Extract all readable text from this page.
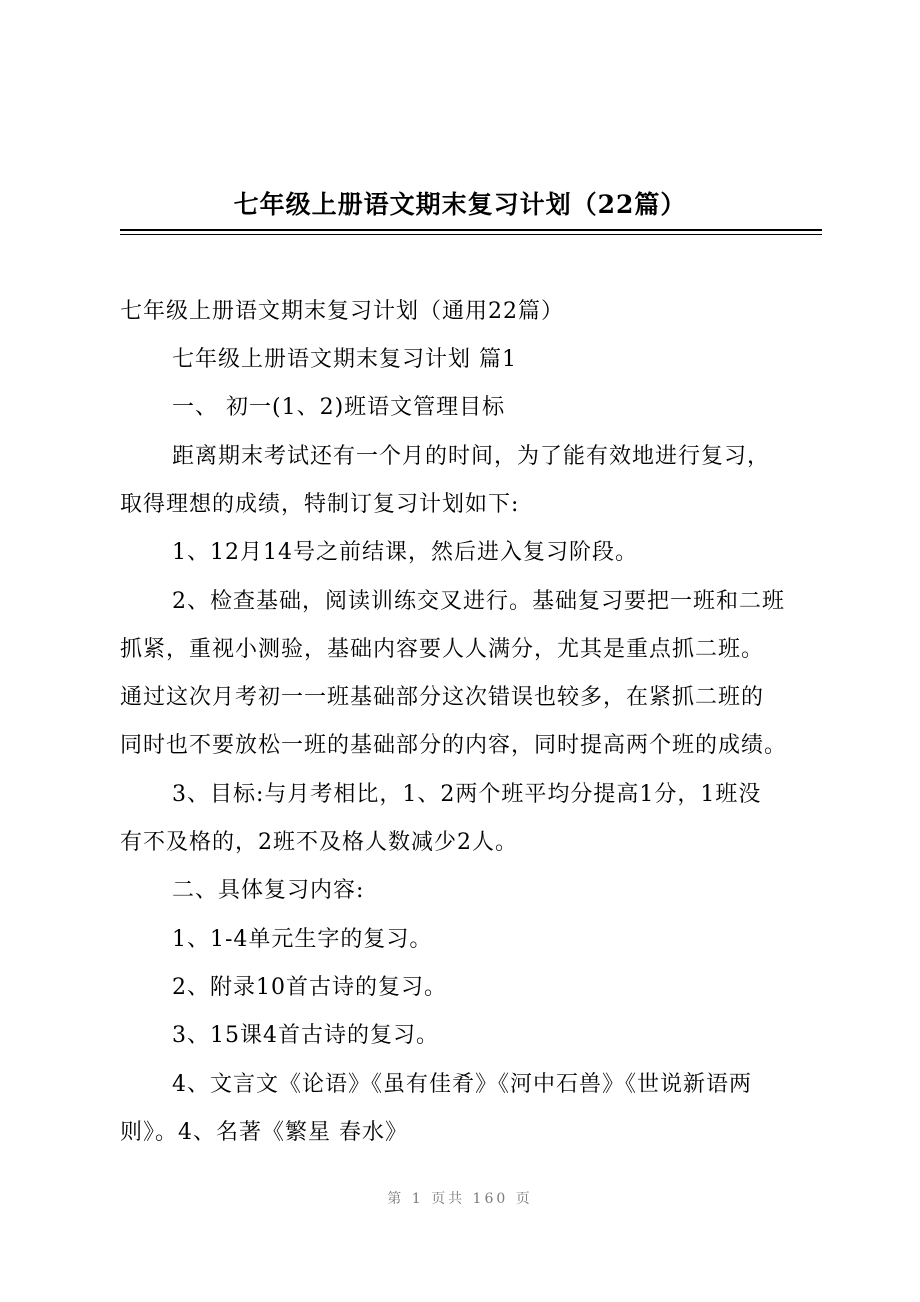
七年级上册语文期末复习计划（22篇）
七年级上册语文期末复习计划（通用22篇）
七年级上册语文期末复习计划 篇1
一、 初一(1、2)班语文管理目标
距离期末考试还有一个月的时间，为了能有效地进行复习，
取得理想的成绩，特制订复习计划如下:
1、12月14号之前结课，然后进入复习阶段。
2、检查基础，阅读训练交叉进行。基础复习要把一班和二班
抓紧，重视小测验，基础内容要人人满分，尤其是重点抓二班。
通过这次月考初一一班基础部分这次错误也较多，在紧抓二班的
同时也不要放松一班的基础部分的内容，同时提高两个班的成绩。
3、目标:与月考相比，1、2两个班平均分提高1分，1班没
有不及格的，2班不及格人数减少2人。
二、具体复习内容:
1、1-4单元生字的复习。
2、附录10首古诗的复习。
3、15课4首古诗的复习。
4、文言文《论语》《虽有佳肴》《河中石兽》《世说新语两
则》。4、名著《繁星 春水》
第 1 页共 160 页
